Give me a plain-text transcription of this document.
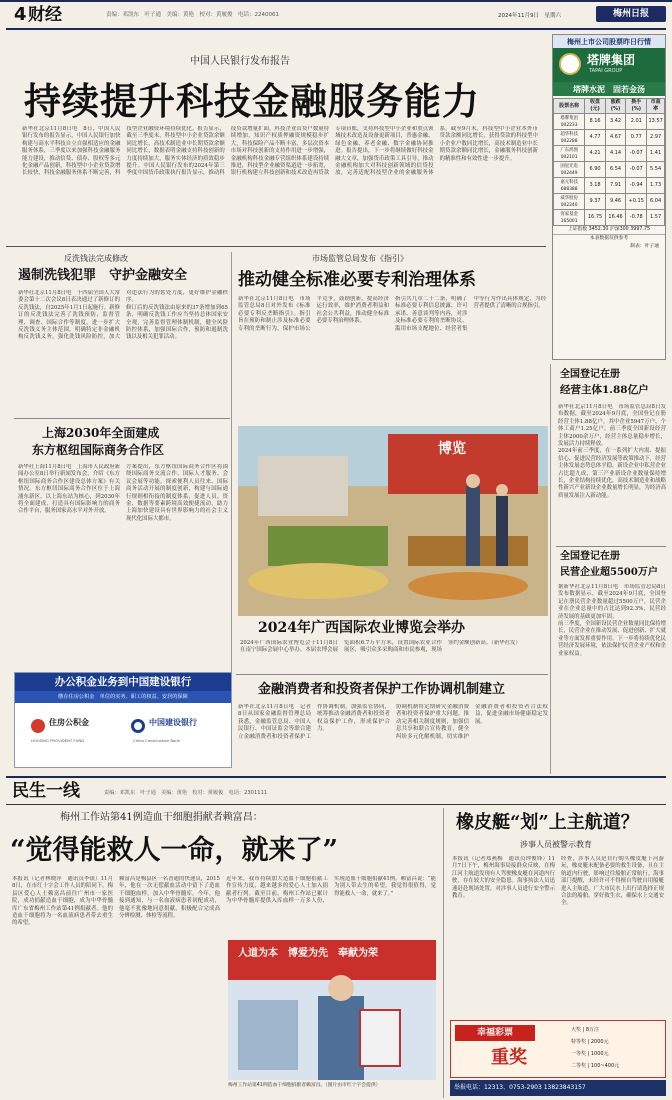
4 财经	责编：邓凯东　叶子通　美编：黄艳　校对：黄履俊　电话：2240061	2024年11月9日　星期六	梅州日报
中国人民银行发布报告
持续提升科技金融服务能力

新华社北京11月8日电　8日，中国人民银行发布的报告显示，中国人民银行加快构建与高水平科技自立自强相适应的金融服务体系，三季度以来加强科技金融服务能力建设，推动信贷、债券、股权等多元化金融产品创新，科技型中小企业贷款增长较快，科技金融服务体系不断完善，科技型企业融资环境持续优化。报告显示，截至三季度末，科技型中小企业贷款余额同比增长，高技术制造业中长期贷款余额同比增长，数据表明金融支持科技创新的力度持续加大，服务实体经济的质效稳步提升。中国人民银行发布的2024年第三季度中国货币政策执行报告显示，推动科技贷款增量扩面，科技企业首贷户数量持续增加，知识产权质押融资规模稳步扩大，科技保险产品不断丰富，多层次资本市场对科技创新的支持作用进一步增强，金融机构科技金融专营组织体系建设持续推进，科技型企业融资渠道进一步拓宽，银行机构建立科技创新和技术改造再贷款专项台账，支持科技型中小企业和重点领域技术改造及设备更新项目，普惠金融、绿色金融、养老金融、数字金融协同推进。报告提出，下一步将继续做好科技金融大文章，加强货币政策工具引导，推动金融机构加大对科技创新领域的信贷投放，完善适配科技型企业的金融服务体系。截至9月末，科技型中小企业本外币贷款余额同比增长，获得贷款的科技型中小企业户数同比增长，高技术制造业中长期贷款余额同比增长，金融服务科技创新的精准性和有效性进一步提升。

梅州上市公司股票昨日行情
塔牌集团
TAPAI GROUP
塔牌水泥　固若金汤
股票名称	收盘(元)	涨跌(%)	换手(%)	市盈率
塔牌集团 002233	8.16	3.42	2.01	13.57
超华科技 002288	4.77	4.67	0.77	2.97
广东鸿图 002101	4.21	4.14	-0.07	1.41
国星光电 002449	6.90	6.54	-0.07	5.54
嘉元科技 688388	3.18	7.91	-0.94	1.73
威华股份 002240	9.37	9.46	+0.15	6.04
客家基金 165001	16.75	16.46	-0.78	1.57
上证指数 3452.30 沪深300 3997.75
本表数据仅供参考
制表：叶子通
反洗钱法完成修改
遏制洗钱犯罪　守护金融安全

新华社北京11月8日电　十四届全国人大常委会第十二次会议8日表决通过了新修订的反洗钱法，自2025年1月1日起施行。新修订的反洗钱法完善了洗钱预防、监督管理、调查、国际合作等制度，进一步扩大反洗钱义务主体范围，明确特定非金融机构反洗钱义务，强化洗钱风险防控，加大对违法行为的惩处力度，更好维护金融秩序。

修订后的反洗钱法由原来的37条增加到65条，明确反洗钱工作应当坚持总体国家安全观，完善监督管理体制机制，健全风险防控体系，加强国际合作，预防和遏制洗钱以及相关犯罪活动。

上海2030年全面建成
东方枢纽国际商务合作区

新华社上海11月8日电　上海市人民政府新闻办公室8日举行新闻发布会，介绍《东方枢纽国际商务合作区建设总体方案》有关情况。东方枢纽国际商务合作区位于上海浦东新区，以上海东站为核心，到2030年将全面建成，打造具有国际影响力的商务合作平台，服务国家高水平对外开放。

方案提出，东方枢纽国际商务合作区将围绕国际商务交流合作、国际人才服务、会议会展等功能，探索便利人员往来、国际商务活动开展的制度创新，构建与国际通行规则相衔接的制度体系，促进人员、资金、数据等要素跨境高效便捷流动，助力上海加快建设具有世界影响力的社会主义现代化国际大都市。

市场监管总局发布《指引》
推动健全标准必要专利治理体系

新华社北京11月8日电　市场监管总局8日对外发布《标准必要专利反垄断指引》。指引旨在预防和制止涉及标准必要专利的垄断行为，保护市场公平竞争，鼓励创新，提高经济运行效率，维护消费者利益和社会公共利益，推动健全标准必要专利治理体系。

指引共九章二十二条，明确了标准必要专利信息披露、许可承诺、善意谈判等内容，对涉及标准必要专利的垄断协议、滥用市场支配地位、经营者集中等行为作出具体规定，为经营者提供了清晰的合规指引。

博览
2024年广西国际农业博览会举办
2024年广西国际农业博览会于11月8日在南宁国际会展中心举办。本届农博会展览面积6.7万平方米，设置国际农业合作展区，吸引众多采购商和市民参观，现场签约金额创新高。（新华社发）
金融消费者和投资者保护工作协调机制建立

新华社北京11月8日电　记者8日从国家金融监督管理总局获悉，金融监管总局、中国人民银行、中国证监会等联合建立金融消费者和投资者保护工作协调机制，加强监管协同，统筹推动金融消费者和投资者权益保护工作，形成保护合力。

协调机制将定期研究金融消费者和投资者保护重大问题，推动完善相关制度规则，加强信息共享和联合宣传教育，健全纠纷多元化解机制，切实维护金融消费者和投资者合法权益，促进金融市场健康稳定发展。

全国登记在册
经营主体1.88亿户

新华社北京11月8日电　市场监管总局8日发布数据，截至2024年9月底，全国登记在册经营主体1.88亿户，其中企业5947万户，个体工商户1.25亿户。前三季度全国新设经营主体2000余万户，经营主体总量稳步增长，发展活力持续释放。

2024年前三季度，在一系列扩大内需、提振信心、促进民营经济发展等政策推动下，经营主体发展态势总体平稳，新设企业中私营企业占比超九成，第三产业新设企业数量保持增长，企业结构持续优化，高技术制造业和战略性新兴产业新设企业数量增长明显，为经济高质量发展注入新动能。

全国登记在册
民营企业超5500万户

据新华社北京11月8日电　市场监管总局8日发布数据显示，截至2024年9月底，全国登记在册民营企业数量超过5500万户，民营企业在企业总量中的占比达到92.3%，民营经济发展的基础更加牢固。

前三季度，全国新设民营企业数量同比保持增长，民营企业在推动发展、促进创新、扩大就业等方面发挥重要作用。下一步将持续优化民营经济发展环境，依法保护民营企业产权和企业家权益。

办公积金业务到中国建设银行
缴存住房公积金　单位的实务、职工的权益、安居的保障
住房公积金
HOUSING PROVIDENT FUND
中国建设银行
China Construction Bank
民生一线	责编：邓凯东　叶子通　美编：黄艳　校对：黄履俊　电话：2301111
梅州工作站第41例造血干细胞捐献者赖富昌：
“觉得能救人一命，就来了”

本报讯（记者林晓萍　通讯员李银）11月8日，在市红十字会工作人员的陪同下，梅县区爱心人士赖富昌前往广州市一家医院，成功捐献造血干细胞，成为中华骨髓库广东省梅州工作站第41例捐献者。他的造血干细胞将为一名血液病患者带去重生的希望。

赖富昌是梅县区一名普通的快递员，2015年，他在一次无偿献血活动中留下了造血干细胞血样，加入中华骨髓库。今年，他接到通知，与一名血液病患者初配成功，他毫不犹豫地同意捐献，积极配合完成高分辨检测、体检等流程。

近年来，我市持续加大造血干细胞捐献工作宣传力度，越来越多的爱心人士加入捐献者行列。截至目前，梅州工作站已累计为中华骨髓库提供入库血样一万多人份，实现造血干细胞捐献41例。赖富昌说：“能为别人带去生的希望，我觉得很值得，觉得能救人一命，就来了。”

人道为本　博爱为先　奉献为荣
梅州工作站第41例造血干细胞捐献者赖富昌。（图片由市红十字会提供）
橡皮艇“划”上主航道？
涉事人员被警示教育

本报讯（记者郑燕梅　通讯员钟俊锋）11月7日下午，梅州海事局接群众反映，在梅江河主航道发现有人驾驶橡皮艇在河道内行驶，存在较大的安全隐患。海事执法人员迅速赶赴现场处置，对涉事人员进行安全警示教育。

经查，涉事人员是自行购买橡皮艇下河游玩，橡皮艇未配备必要的救生设备，且在主航道内行驶，影响过往船舶正常航行。海事部门提醒，未经许可不得擅自驾驶自用船艇进入主航道，广大市民水上出行请选择正规合法的船舶，穿好救生衣，确保水上交通安全。

幸福彩票
重奖
大奖 | 8万注
特等奖 | 2000元
一等奖 | 1000元
二等奖 | 100~400元
举报电话：12313、0753-2903 13823843157
